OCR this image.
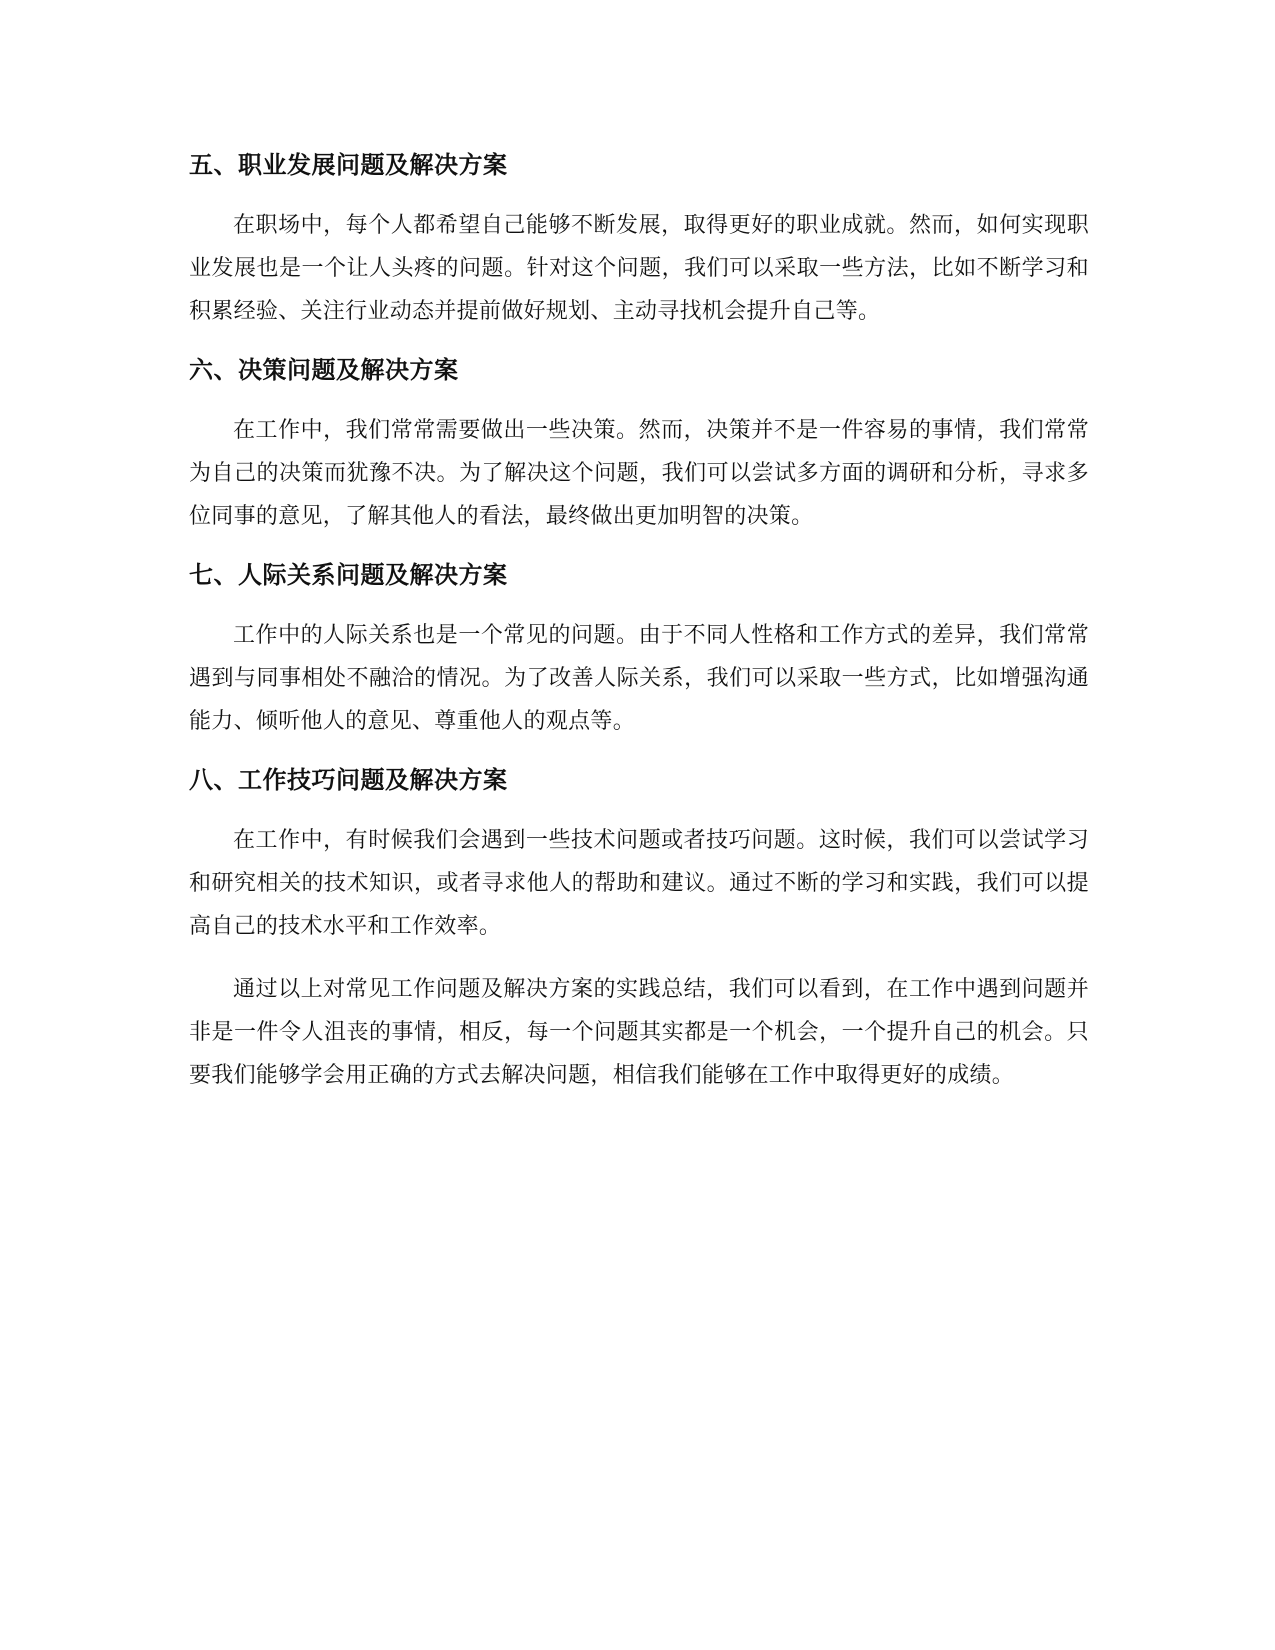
五、职业发展问题及解决方案

在职场中，每个人都希望自己能够不断发展，取得更好的职业成就。然而，如何实现职业发展也是一个让人头疼的问题。针对这个问题，我们可以采取一些方法，比如不断学习和积累经验、关注行业动态并提前做好规划、主动寻找机会提升自己等。

六、决策问题及解决方案

在工作中，我们常常需要做出一些决策。然而，决策并不是一件容易的事情，我们常常为自己的决策而犹豫不决。为了解决这个问题，我们可以尝试多方面的调研和分析，寻求多位同事的意见，了解其他人的看法，最终做出更加明智的决策。

七、人际关系问题及解决方案

工作中的人际关系也是一个常见的问题。由于不同人性格和工作方式的差异，我们常常遇到与同事相处不融洽的情况。为了改善人际关系，我们可以采取一些方式，比如增强沟通能力、倾听他人的意见、尊重他人的观点等。

八、工作技巧问题及解决方案

在工作中，有时候我们会遇到一些技术问题或者技巧问题。这时候，我们可以尝试学习和研究相关的技术知识，或者寻求他人的帮助和建议。通过不断的学习和实践，我们可以提高自己的技术水平和工作效率。

通过以上对常见工作问题及解决方案的实践总结，我们可以看到，在工作中遇到问题并非是一件令人沮丧的事情，相反，每一个问题其实都是一个机会，一个提升自己的机会。只要我们能够学会用正确的方式去解决问题，相信我们能够在工作中取得更好的成绩。
